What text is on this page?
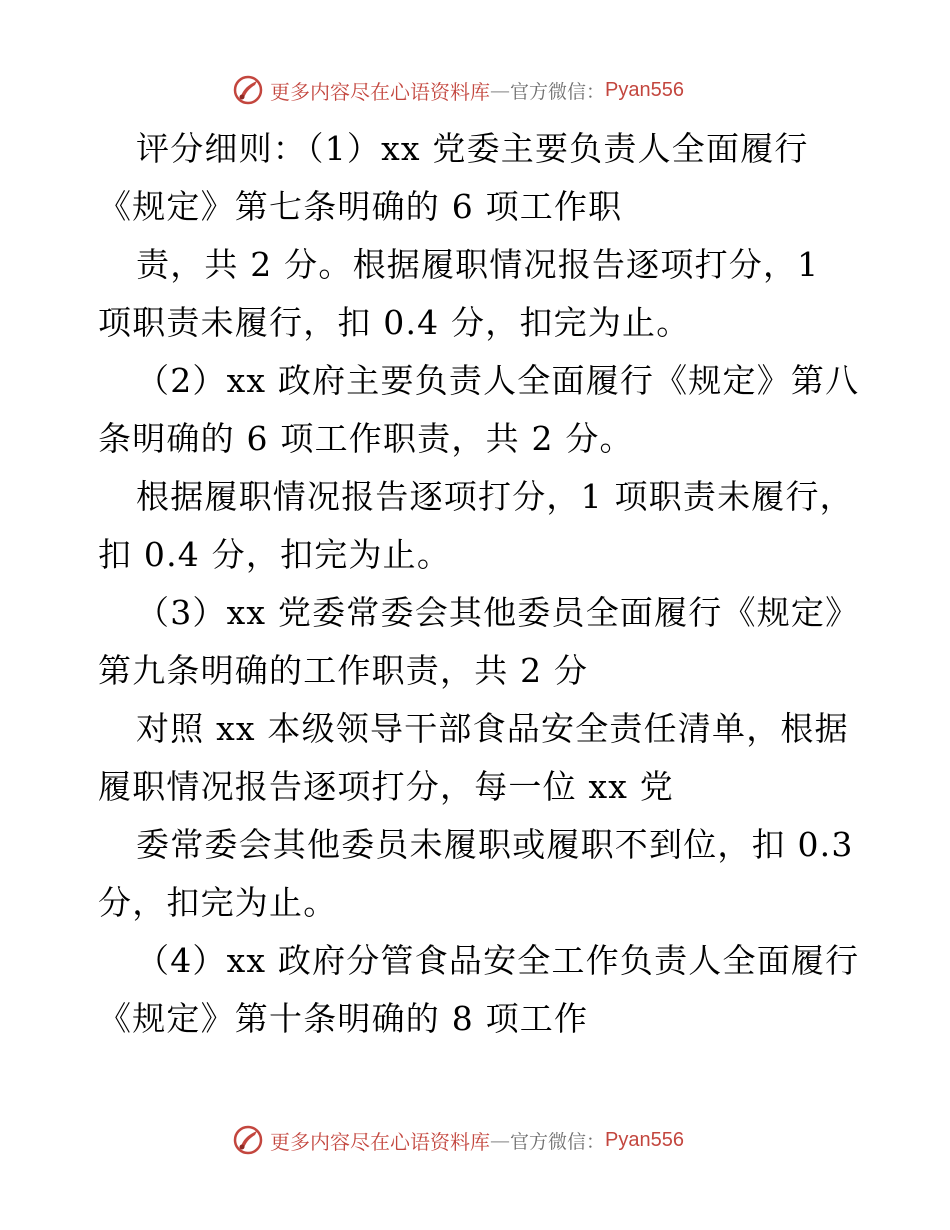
更多内容尽在心语资料库 — 官方微信： Pyan556
评分细则：（1）xx 党委主要负责人全面履行
《规定》第七条明确的 6 项工作职
责，共 2 分。根据履职情况报告逐项打分，1
项职责未履行，扣 0.4 分，扣完为止。
（2）xx 政府主要负责人全面履行《规定》第八
条明确的 6 项工作职责，共 2 分。
根据履职情况报告逐项打分，1 项职责未履行，
扣 0.4 分，扣完为止。
（3）xx 党委常委会其他委员全面履行《规定》
第九条明确的工作职责，共 2 分
对照 xx 本级领导干部食品安全责任清单，根据
履职情况报告逐项打分，每一位 xx 党
委常委会其他委员未履职或履职不到位，扣 0.3
分，扣完为止。
（4）xx 政府分管食品安全工作负责人全面履行
《规定》第十条明确的 8 项工作
更多内容尽在心语资料库 — 官方微信： Pyan556
